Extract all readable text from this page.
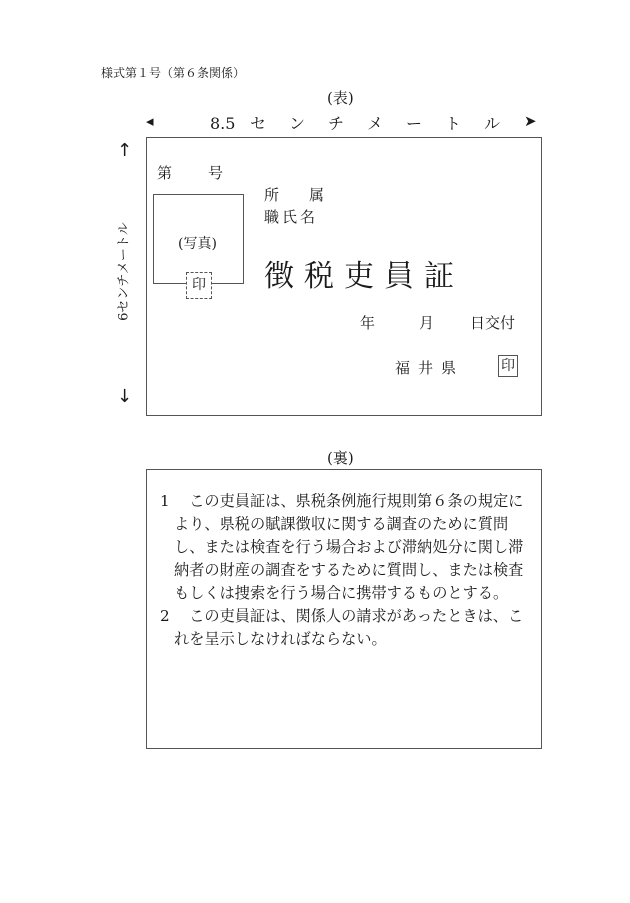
様式第１号（第６条関係）
(表)
◂	8.5 セ ン チ メ ー ト ル ➤
↑
6センチメートル
↓
第 号
(写真)
印
所 属
職氏名
徴税吏員証
年	月 日交付
福井県	印
(裏)

1　この吏員証は、県税条例施行規則第６条の規定により、県税の賦課徴収に関する調査のために質問し、または検査を行う場合および滞納処分に関し滞納者の財産の調査をするために質問し、または検査もしくは捜索を行う場合に携帯するものとする。

2　この吏員証は、関係人の請求があったときは、これを呈示しなければならない。
